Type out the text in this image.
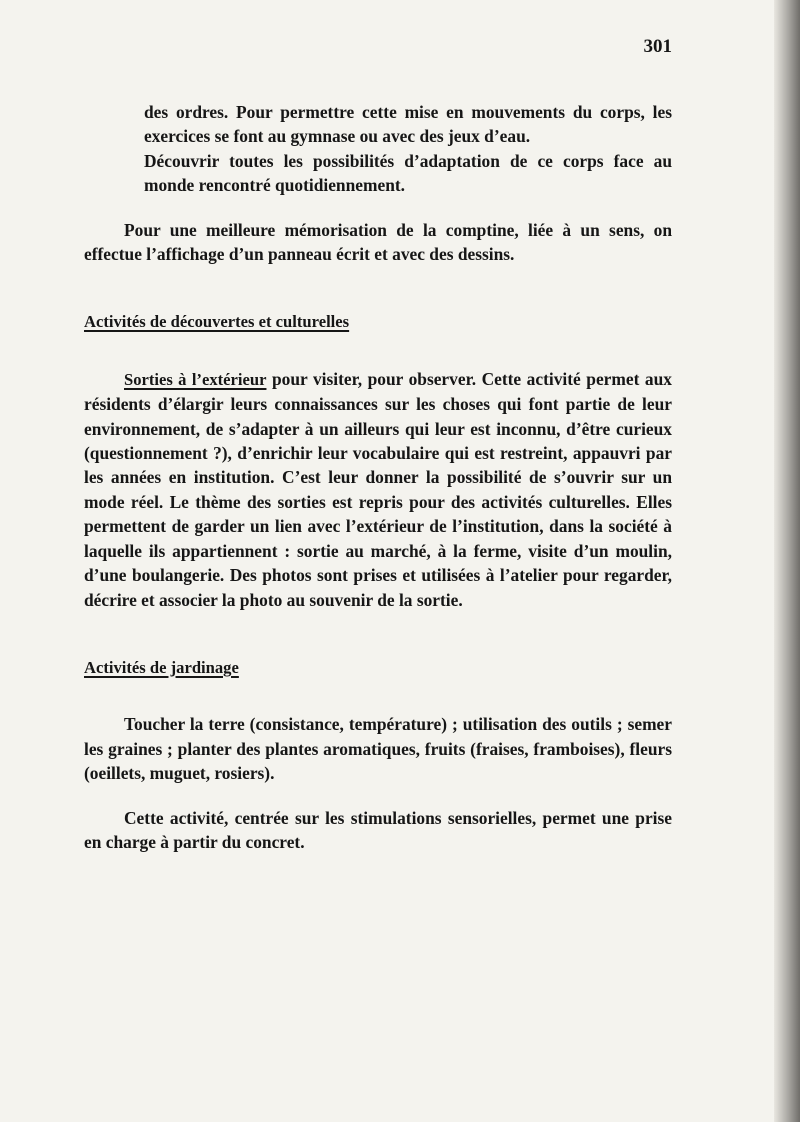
301

des ordres. Pour permettre cette mise en mouvements du corps, les exercices se font au gymnase ou avec des jeux d’eau.

Découvrir toutes les possibilités d’adaptation de ce corps face au monde rencontré quotidiennement.

Pour une meilleure mémorisation de la comptine, liée à un sens, on effectue l’affichage d’un panneau écrit et avec des dessins.

Activités de découvertes et culturelles

Sorties à l’extérieur pour visiter, pour observer. Cette activité permet aux résidents d’élargir leurs connaissances sur les choses qui font partie de leur environnement, de s’adapter à un ailleurs qui leur est inconnu, d’être curieux (questionnement ?), d’enrichir leur vocabulaire qui est restreint, appauvri par les années en institution. C’est leur donner la possibilité de s’ouvrir sur un mode réel. Le thème des sorties est repris pour des activités culturelles. Elles permettent de garder un lien avec l’extérieur de l’institution, dans la société à laquelle ils appartiennent : sortie au marché, à la ferme, visite d’un moulin, d’une boulangerie. Des photos sont prises et utilisées à l’atelier pour regarder, décrire et associer la photo au souvenir de la sortie.

Activités de jardinage

Toucher la terre (consistance, température) ; utilisation des outils ; semer les graines ; planter des plantes aromatiques, fruits (fraises, framboises), fleurs (oeillets, muguet, rosiers).

Cette activité, centrée sur les stimulations sensorielles, permet une prise en charge à partir du concret.
